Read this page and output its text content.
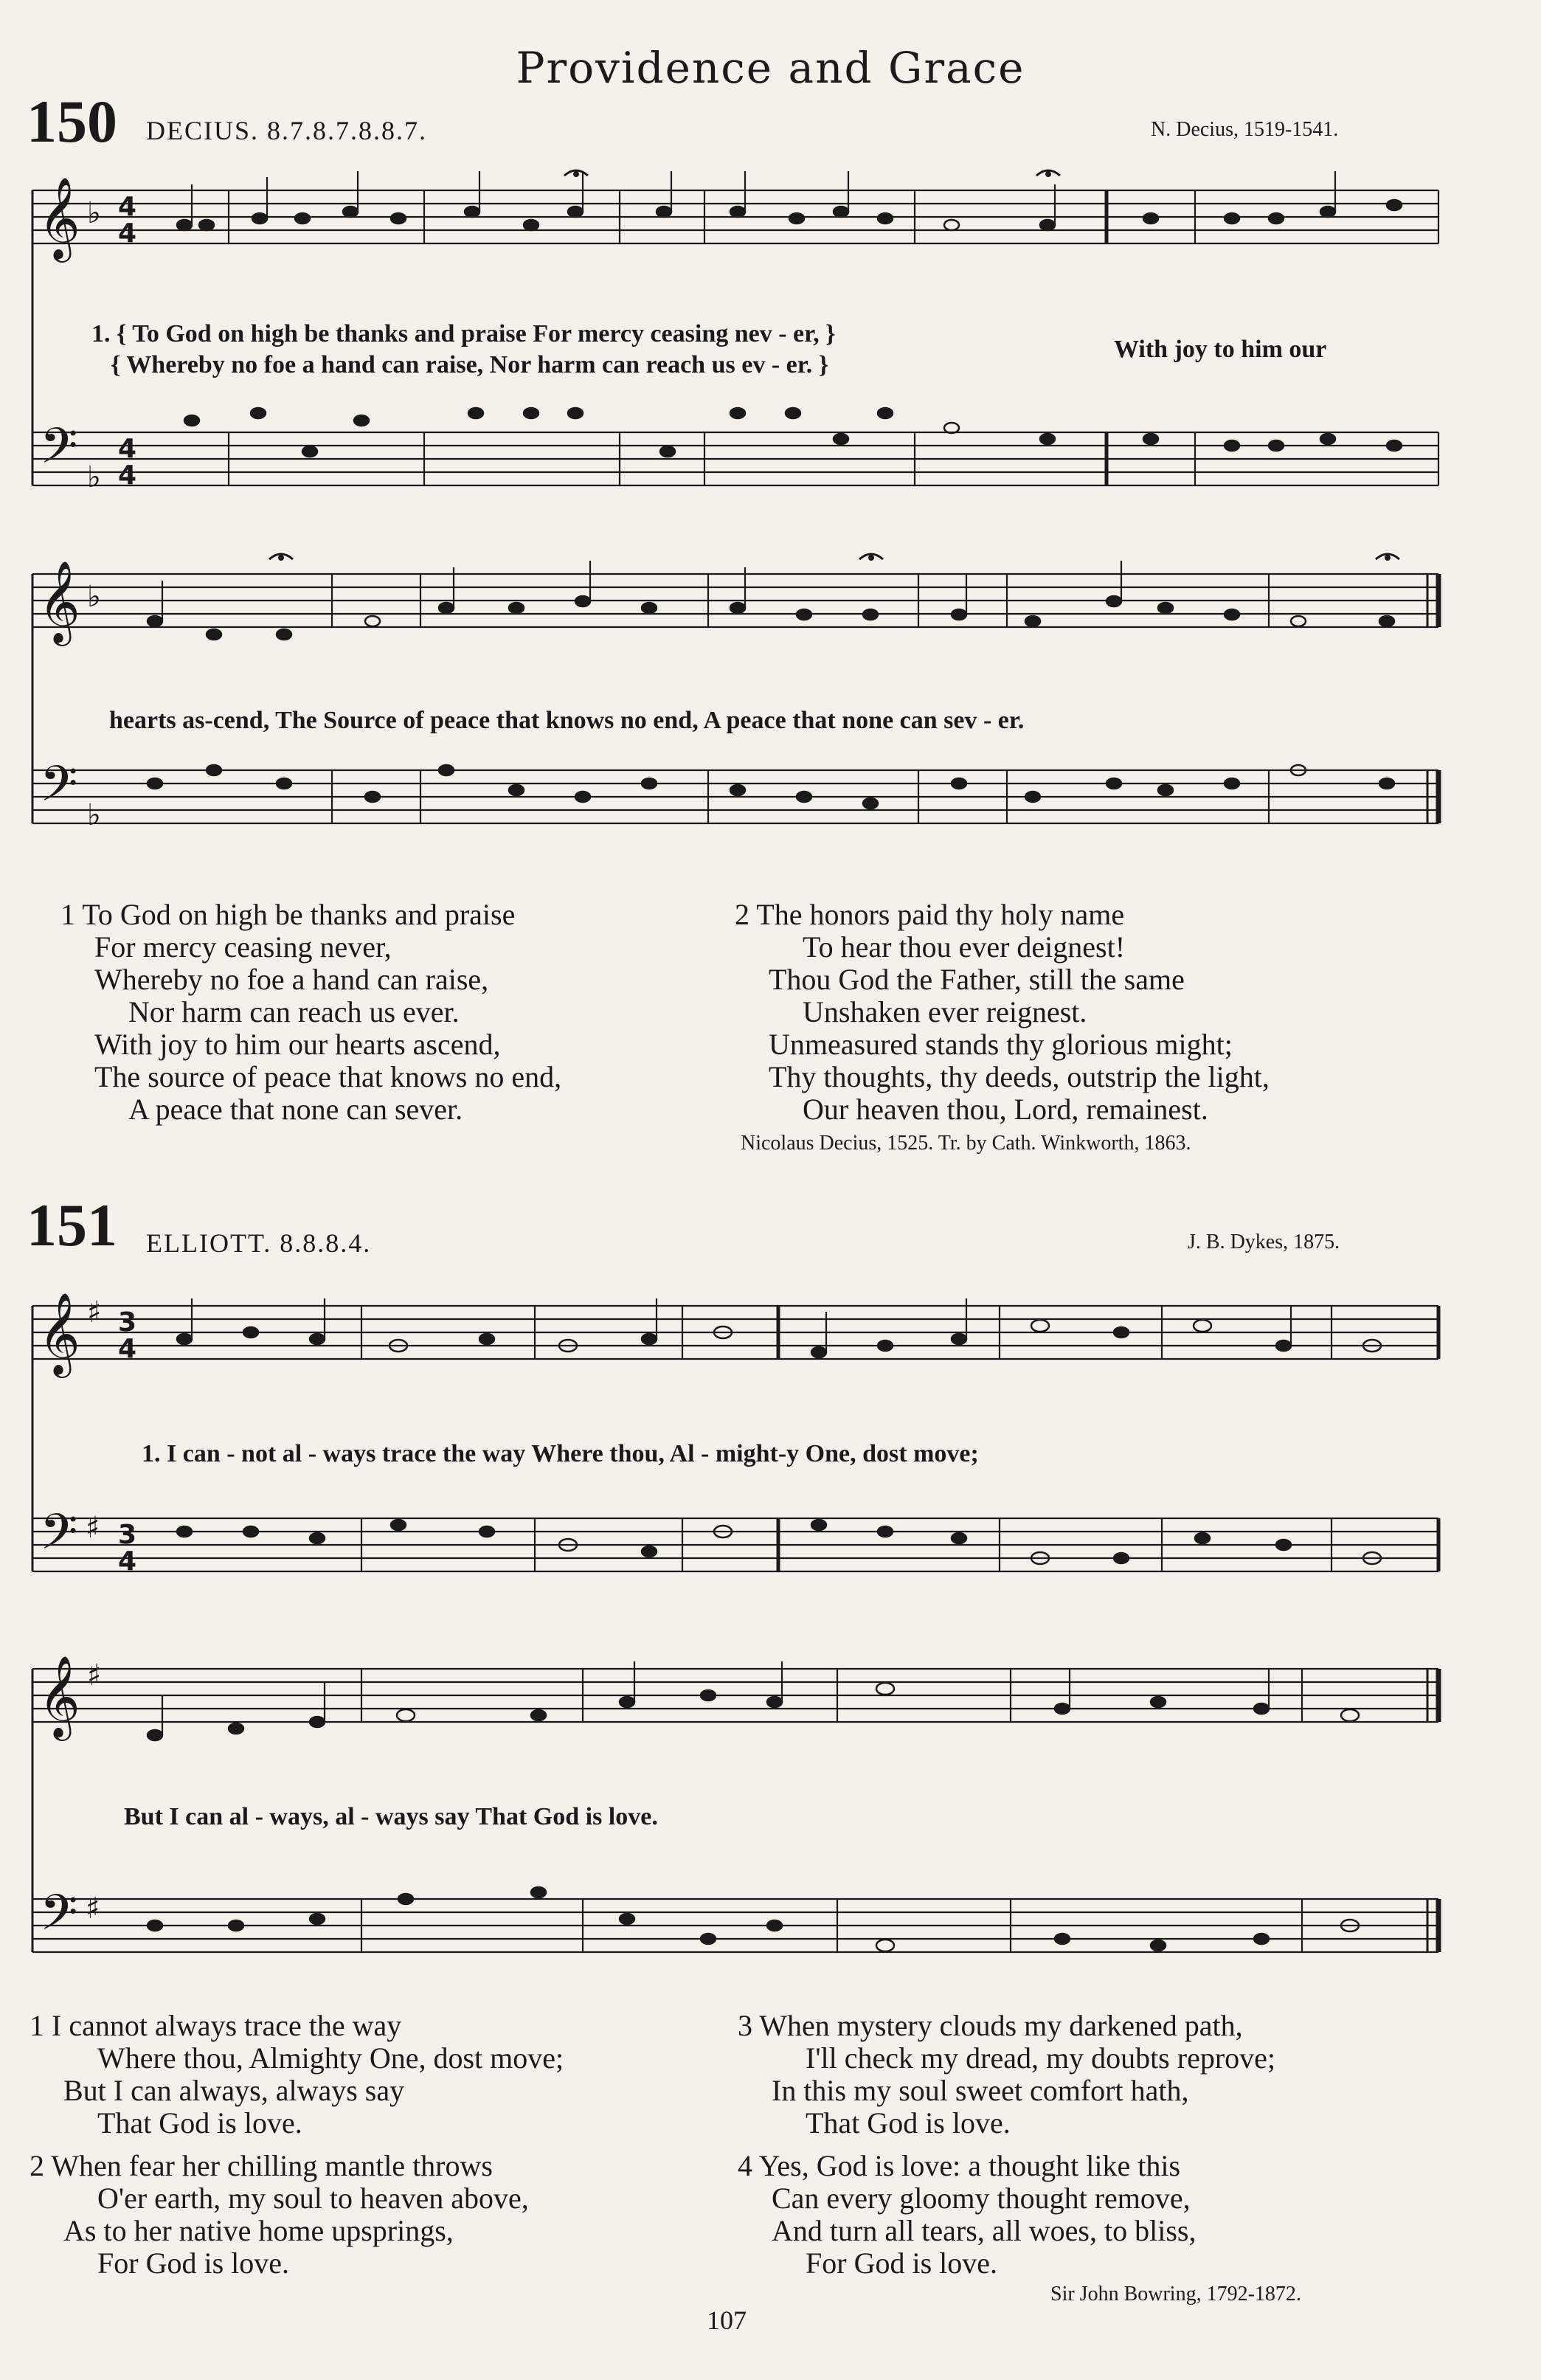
Providence and Grace
150 DECIUS. 8.7.8.7.8.8.7.	N. Decius, 1519-1541.
𝄞
𝄢
𝄞
𝄢
𝄞
𝄢
𝄞
𝄢
♭
♭
♭
♭
♯
♯
♯
♯
4
4
4
4
3
4
3
4
1. { To God on high be thanks and praise For mercy ceasing nev - er, }
{ Whereby no foe a hand can raise, Nor harm can reach us ev - er. }
With joy to him our
hearts as-cend, The Source of peace that knows no end, A peace that none can sev - er.
1 To God on high be thanks and praise
For mercy ceasing never,
Whereby no foe a hand can raise,
Nor harm can reach us ever.
With joy to him our hearts ascend,
The source of peace that knows no end,
A peace that none can sever.
2 The honors paid thy holy name
To hear thou ever deignest!
Thou God the Father, still the same
Unshaken ever reignest.
Unmeasured stands thy glorious might;
Thy thoughts, thy deeds, outstrip the light,
Our heaven thou, Lord, remainest.
Nicolaus Decius, 1525. Tr. by Cath. Winkworth, 1863.
151 ELLIOTT. 8.8.8.4.	J. B. Dykes, 1875.
1. I can - not al - ways trace the way Where thou, Al - might-y One, dost move;
But I can al - ways, al - ways say That God is love.
1 I cannot always trace the way
Where thou, Almighty One, dost move;
But I can always, always say
That God is love.
2 When fear her chilling mantle throws
O'er earth, my soul to heaven above,
As to her native home upsprings,
For God is love.
3 When mystery clouds my darkened path,
I'll check my dread, my doubts reprove;
In this my soul sweet comfort hath,
That God is love.
4 Yes, God is love: a thought like this
Can every gloomy thought remove,
And turn all tears, all woes, to bliss,
For God is love.
Sir John Bowring, 1792-1872.
107
